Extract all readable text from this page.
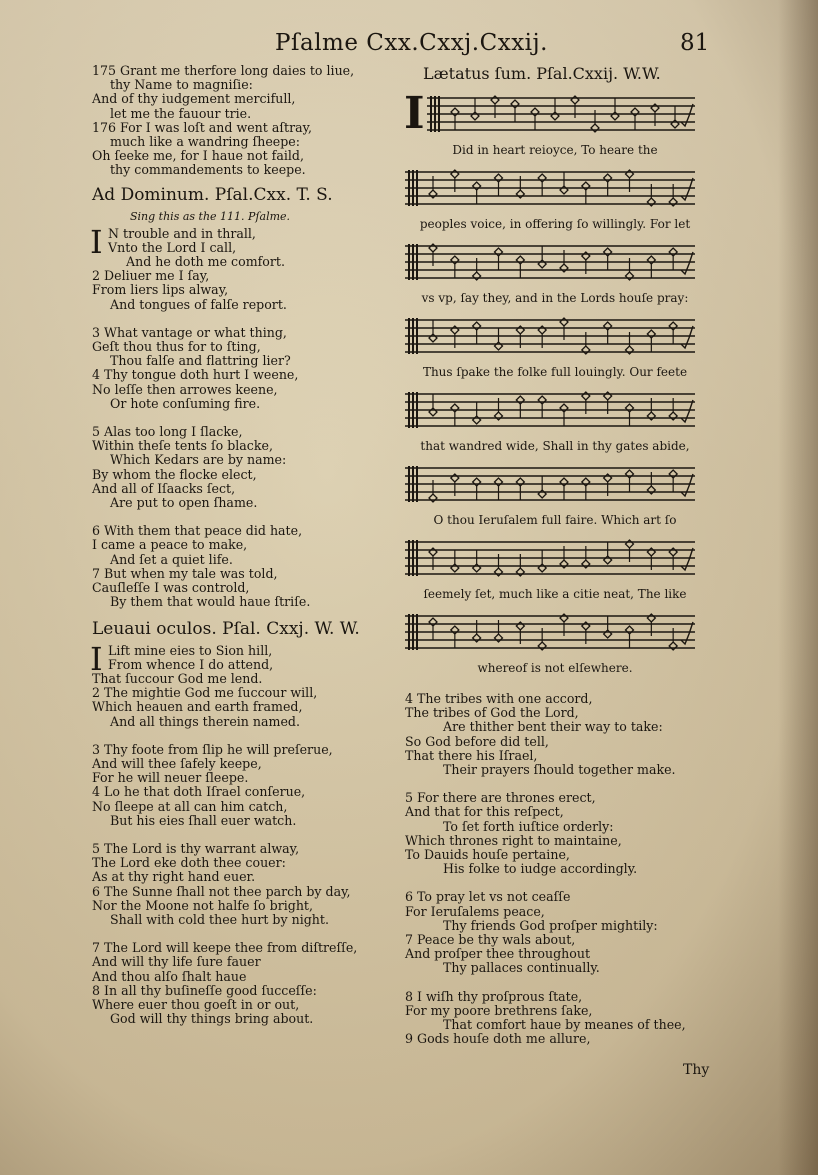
Pſalme Cxx.Cxxj.Cxxij.	81
175 Grant me therfore long daies to liue,
thy Name to magniſie:
And of thy iudgement mercifull,
let me the fauour trie.
176 For I was loſt and went aſtray,
much like a wandring ſheepe:
Oh ſeeke me, for I haue not faild,
thy commandements to keepe.
Ad Dominum. Pſal.Cxx. T. S.
Sing this as the 111. Pſalme.
I N trouble and in thrall,
Vnto the Lord I call,
And he doth me comfort.
2 Deliuer me I ſay,
From liers lips alway,
And tongues of falſe report.
3 What vantage or what thing,
Geſt thou thus for to ſting,
Thou falſe and flattring lier?
4 Thy tongue doth hurt I weene,
No leſſe then arrowes keene,
Or hote conſuming fire.
5 Alas too long I ſlacke,
Within theſe tents ſo blacke,
Which Kedars are by name:
By whom the flocke elect,
And all of Iſaacks ſect,
Are put to open ſhame.
6 With them that peace did hate,
I came a peace to make,
And ſet a quiet life.
7 But when my tale was told,
Cauſleſſe I was controld,
By them that would haue ſtriſe.
Leuaui oculos. Pſal. Cxxj. W. W.
I Lift mine eies to Sion hill,
From whence I do attend,
That ſuccour God me lend.
2 The mightie God me ſuccour will,
Which heauen and earth framed,
And all things therein named.
3 Thy foote from ſlip he will preſerue,
And will thee ſafely keepe,
For he will neuer ſleepe.
4 Lo he that doth Iſrael conſerue,
No ſleepe at all can him catch,
But his eies ſhall euer watch.
5 The Lord is thy warrant alway,
The Lord eke doth thee couer:
As at thy right hand euer.
6 The Sunne ſhall not thee parch by day,
Nor the Moone not halfe ſo bright,
Shall with cold thee hurt by night.
7 The Lord will keepe thee from diſtreſſe,
And will thy life ſure fauer
And thou alſo ſhalt haue
8 In all thy buſineſſe good ſucceſſe:
Where euer thou goeſt in or out,
God will thy things bring about.
Lætatus ſum. Pſal.Cxxij. W.W.
I
Did in heart reioyce, To heare the
peoples voice, in offering ſo willingly. For let
vs vp, ſay they, and in the Lords houſe pray:
Thus ſpake the folke full louingly. Our feete
that wandred wide, Shall in thy gates abide,
O thou Ieruſalem full faire. Which art ſo
ſeemely ſet, much like a citie neat, The like
whereof is not elſewhere.
4 The tribes with one accord,
The tribes of God the Lord,
Are thither bent their way to take:
So God before did tell,
That there his Iſrael,
Their prayers ſhould together make.
5 For there are thrones erect,
And that for this reſpect,
To ſet forth iuſtice orderly:
Which thrones right to maintaine,
To Dauids houſe pertaine,
His folke to iudge accordingly.
6 To pray let vs not ceaſſe
For Ieruſalems peace,
Thy friends God proſper mightily:
7 Peace be thy wals about,
And proſper thee throughout
Thy pallaces continually.
8 I wiſh thy proſprous ſtate,
For my poore brethrens ſake,
That comfort haue by meanes of thee,
9 Gods houſe doth me allure,
Thy
